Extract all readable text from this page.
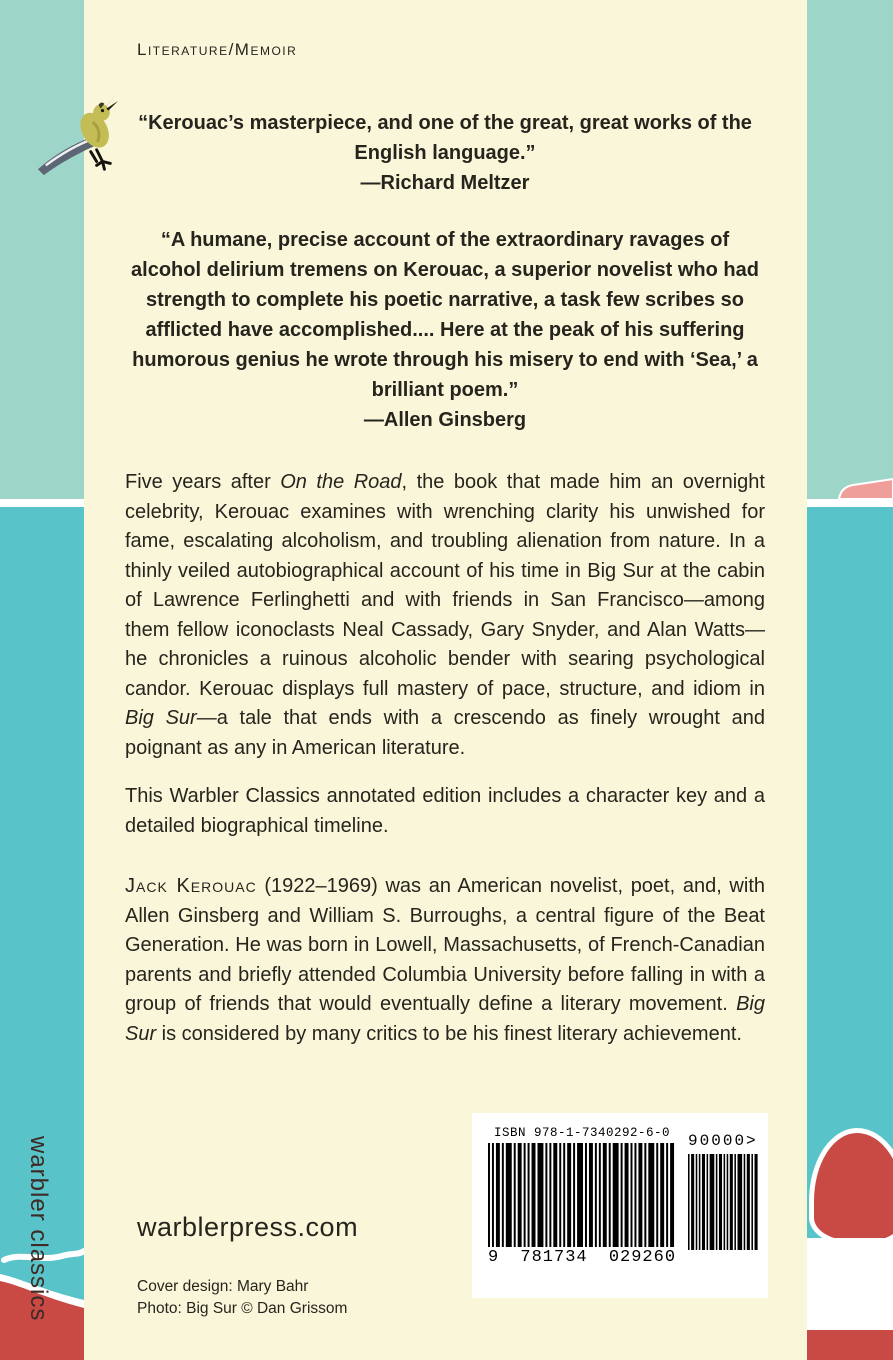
warbler classics
Literature/Memoir
“Kerouac’s masterpiece, and one of the great, great works of the English language.”
—Richard Meltzer
“A humane, precise account of the extraordinary ravages of alcohol delirium tremens on Kerouac, a superior novelist who had strength to complete his poetic narrative, a task few scribes so afflicted have accomplished.... Here at the peak of his suffering humorous genius he wrote through his misery to end with ‘Sea,’ a brilliant poem.”
—Allen Ginsberg
Five years after On the Road, the book that made him an overnight celebrity, Kerouac examines with wrenching clarity his unwished for fame, escalating alcoholism, and troubling alienation from nature. In a thinly veiled autobiographical account of his time in Big Sur at the cabin of Lawrence Ferlinghetti and with friends in San Francisco—among them fellow iconoclasts Neal Cassady, Gary Snyder, and Alan Watts—he chronicles a ruinous alcoholic bender with searing psychological candor. Kerouac displays full mastery of pace, structure, and idiom in Big Sur—a tale that ends with a crescendo as finely wrought and poignant as any in American literature.
This Warbler Classics annotated edition includes a character key and a detailed biographical timeline.
Jack Kerouac (1922–1969) was an American novelist, poet, and, with Allen Ginsberg and William S. Burroughs, a central figure of the Beat Generation. He was born in Lowell, Massachusetts, of French-Canadian parents and briefly attended Columbia University before falling in with a group of friends that would eventually define a literary movement. Big Sur is considered by many critics to be his finest literary achievement.
ISBN 978-1-7340292-6-0
9 781734 029260
90000>
warblerpress.com
Cover design: Mary Bahr
Photo: Big Sur © Dan Grissom
